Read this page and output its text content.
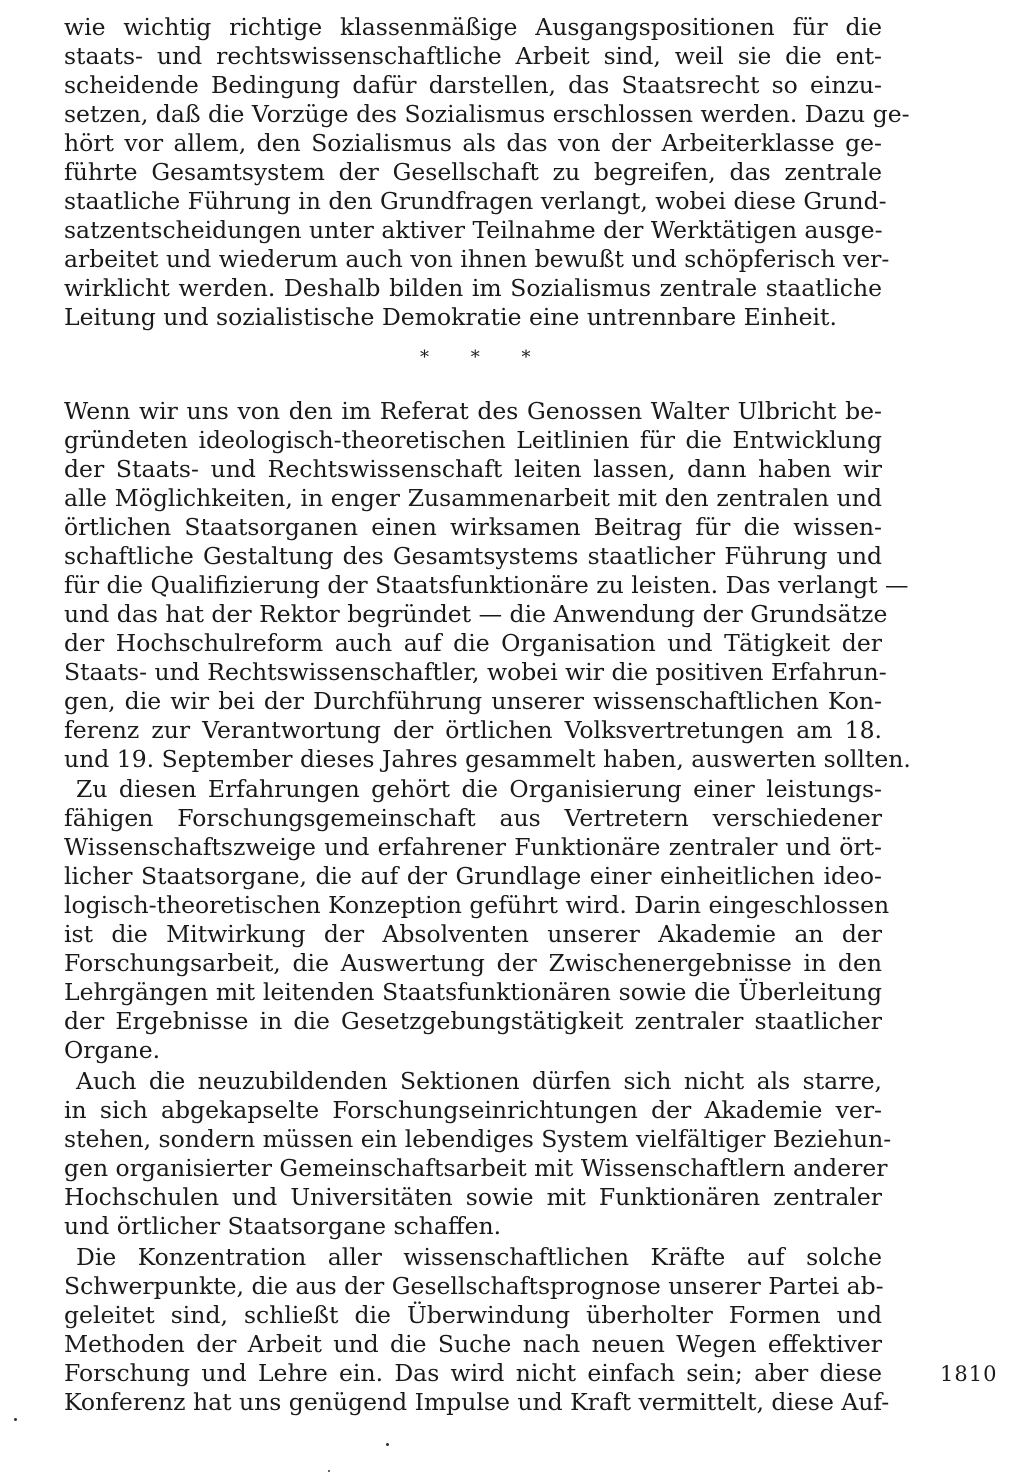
wie wichtig richtige klassenmäßige Ausgangspositionen für die
staats- und rechtswissenschaftliche Arbeit sind, weil sie die ent-
scheidende Bedingung dafür darstellen, das Staatsrecht so einzu-
setzen, daß die Vorzüge des Sozialismus erschlossen werden. Dazu ge-
hört vor allem, den Sozialismus als das von der Arbeiterklasse ge-
führte Gesamtsystem der Gesellschaft zu begreifen, das zentrale
staatliche Führung in den Grundfragen verlangt, wobei diese Grund-
satzentscheidungen unter aktiver Teilnahme der Werktätigen ausge-
arbeitet und wiederum auch von ihnen bewußt und schöpferisch ver-
wirklicht werden. Deshalb bilden im Sozialismus zentrale staatliche
Leitung und sozialistische Demokratie eine untrennbare Einheit.
* * *
Wenn wir uns von den im Referat des Genossen Walter Ulbricht be-
gründeten ideologisch-theoretischen Leitlinien für die Entwicklung
der Staats- und Rechtswissenschaft leiten lassen, dann haben wir
alle Möglichkeiten, in enger Zusammenarbeit mit den zentralen und
örtlichen Staatsorganen einen wirksamen Beitrag für die wissen-
schaftliche Gestaltung des Gesamtsystems staatlicher Führung und
für die Qualifizierung der Staatsfunktionäre zu leisten. Das verlangt —
und das hat der Rektor begründet — die Anwendung der Grundsätze
der Hochschulreform auch auf die Organisation und Tätigkeit der
Staats- und Rechtswissenschaftler, wobei wir die positiven Erfahrun-
gen, die wir bei der Durchführung unserer wissenschaftlichen Kon-
ferenz zur Verantwortung der örtlichen Volksvertretungen am 18.
und 19. September dieses Jahres gesammelt haben, auswerten sollten.
Zu diesen Erfahrungen gehört die Organisierung einer leistungs-
fähigen Forschungsgemeinschaft aus Vertretern verschiedener
Wissenschaftszweige und erfahrener Funktionäre zentraler und ört-
licher Staatsorgane, die auf der Grundlage einer einheitlichen ideo-
logisch-theoretischen Konzeption geführt wird. Darin eingeschlossen
ist die Mitwirkung der Absolventen unserer Akademie an der
Forschungsarbeit, die Auswertung der Zwischenergebnisse in den
Lehrgängen mit leitenden Staatsfunktionären sowie die Überleitung
der Ergebnisse in die Gesetzgebungstätigkeit zentraler staatlicher
Organe.
Auch die neuzubildenden Sektionen dürfen sich nicht als starre,
in sich abgekapselte Forschungseinrichtungen der Akademie ver-
stehen, sondern müssen ein lebendiges System vielfältiger Beziehun-
gen organisierter Gemeinschaftsarbeit mit Wissenschaftlern anderer
Hochschulen und Universitäten sowie mit Funktionären zentraler
und örtlicher Staatsorgane schaffen.
Die Konzentration aller wissenschaftlichen Kräfte auf solche
Schwerpunkte, die aus der Gesellschaftsprognose unserer Partei ab-
geleitet sind, schließt die Überwindung überholter Formen und
Methoden der Arbeit und die Suche nach neuen Wegen effektiver
Forschung und Lehre ein. Das wird nicht einfach sein; aber diese
Konferenz hat uns genügend Impulse und Kraft vermittelt, diese Auf-
1810
